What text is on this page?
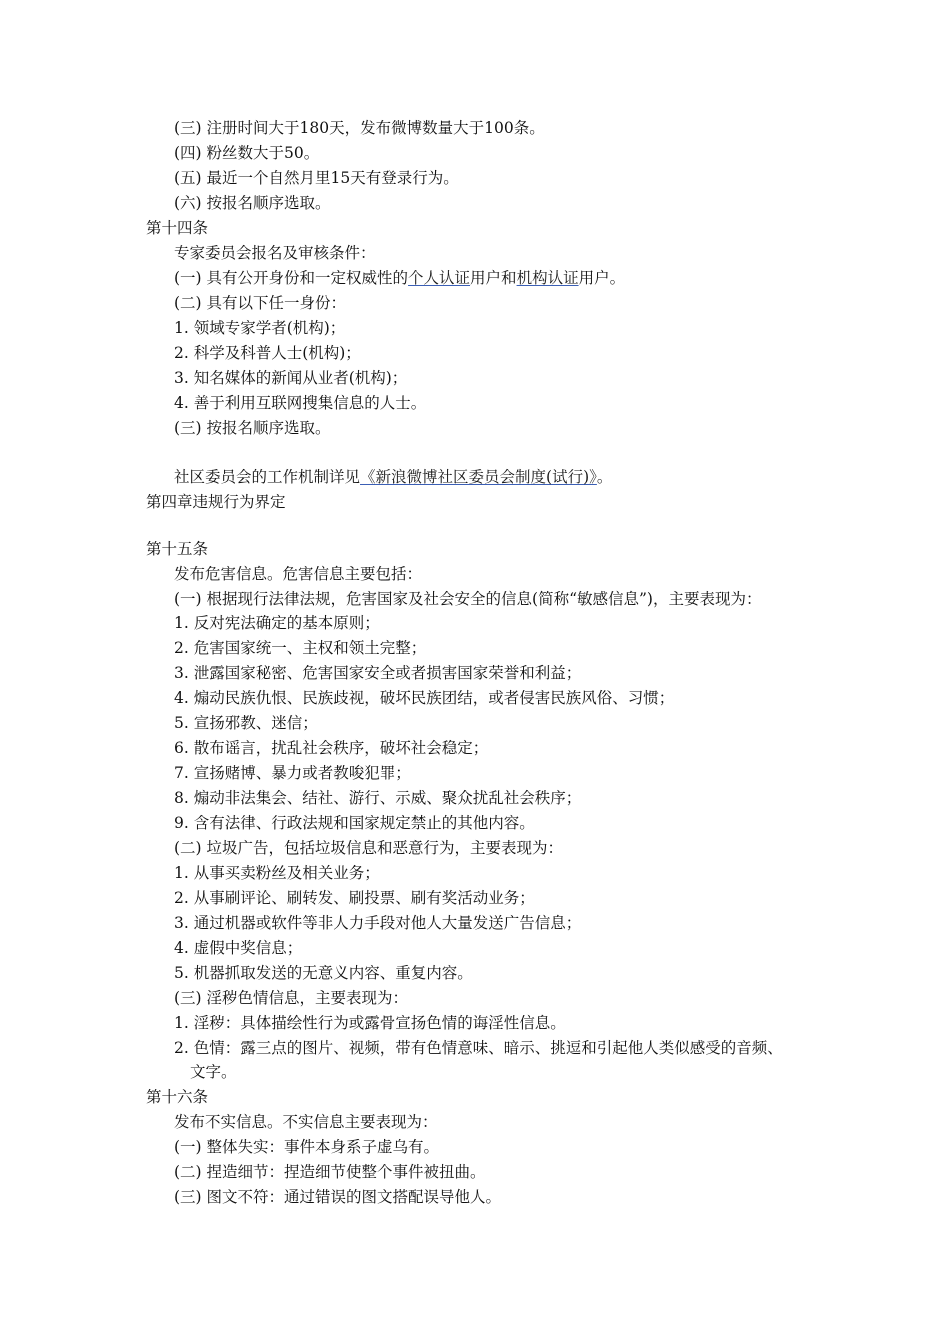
(三) 注册时间大于180天，发布微博数量大于100条。
(四) 粉丝数大于50。
(五) 最近一个自然月里15天有登录行为。
(六) 按报名顺序选取。
第十四条
专家委员会报名及审核条件：
(一) 具有公开身份和一定权威性的个人认证用户和机构认证用户。
(二) 具有以下任一身份：
1. 领域专家学者(机构)；
2. 科学及科普人士(机构)；
3. 知名媒体的新闻从业者(机构)；
4. 善于利用互联网搜集信息的人士。
(三) 按报名顺序选取。
社区委员会的工作机制详见《新浪微博社区委员会制度(试行)》。
第四章违规行为界定
第十五条
发布危害信息。危害信息主要包括：
(一) 根据现行法律法规，危害国家及社会安全的信息(简称“敏感信息”)，主要表现为：
1. 反对宪法确定的基本原则；
2. 危害国家统一、主权和领土完整；
3. 泄露国家秘密、危害国家安全或者损害国家荣誉和利益；
4. 煽动民族仇恨、民族歧视，破坏民族团结，或者侵害民族风俗、习惯；
5. 宣扬邪教、迷信；
6. 散布谣言，扰乱社会秩序，破坏社会稳定；
7. 宣扬赌博、暴力或者教唆犯罪；
8. 煽动非法集会、结社、游行、示威、聚众扰乱社会秩序；
9. 含有法律、行政法规和国家规定禁止的其他内容。
(二) 垃圾广告，包括垃圾信息和恶意行为，主要表现为：
1. 从事买卖粉丝及相关业务；
2. 从事刷评论、刷转发、刷投票、刷有奖活动业务；
3. 通过机器或软件等非人力手段对他人大量发送广告信息；
4. 虚假中奖信息；
5. 机器抓取发送的无意义内容、重复内容。
(三) 淫秽色情信息，主要表现为：
1. 淫秽：具体描绘性行为或露骨宣扬色情的诲淫性信息。
2. 色情：露三点的图片、视频，带有色情意味、暗示、挑逗和引起他人类似感受的音频、
文字。
第十六条
发布不实信息。不实信息主要表现为：
(一) 整体失实：事件本身系子虚乌有。
(二) 捏造细节：捏造细节使整个事件被扭曲。
(三) 图文不符：通过错误的图文搭配误导他人。
